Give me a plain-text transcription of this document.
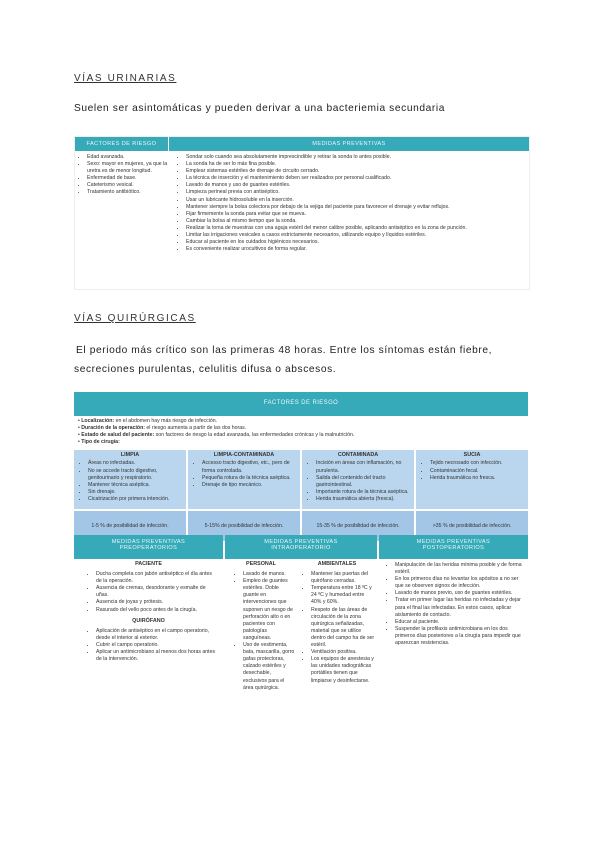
VÍAS URINARIAS
Suelen ser asintomáticas y pueden derivar a una bacteriemia secundaria
FACTORES DE RIESGO	MEDIDAS PREVENTIVAS
• Edad avanzada.
• Sexo: mayor en mujeres, ya que la uretra es de menor longitud.
• Enfermedad de base.
• Cateterismo vesical.
• Tratamiento antibiótico.
• Sondar solo cuando sea absolutamente imprescindible y retirar la sonda lo antes posible.
• La sonda ha de ser lo más fina posible.
• Emplear sistemas estériles de drenaje de circuito cerrado.
• La técnica de inserción y el mantenimiento deben ser realizados por personal cualificado.
• Lavado de manos y uso de guantes estériles.
• Limpieza perineal previa con antiséptico.
• Usar un lubricante hidrosoluble en la inserción.
• Mantener siempre la bolsa colectora por debajo de la vejiga del paciente para favorecer el drenaje y evitar reflujos.
• Fijar firmemente la sonda para evitar que se mueva.
• Cambiar la bolsa al mismo tiempo que la sonda.
• Realizar la toma de muestras con una aguja estéril del menor calibre posible, aplicando antiséptico en la zona de punción.
• Limitar las irrigaciones vesicales a casos estrictamente necesarios, utilizando equipo y líquidos estériles.
• Educar al paciente en los cuidados higiénicos necesarios.
• Es conveniente realizar urocultivos de forma regular.
VÍAS QUIRÚRGICAS
El periodo más crítico son las primeras 48 horas. Entre los síntomas están fiebre,
secreciones purulentas, celulitis difusa o abscesos.
FACTORES DE RIESGO
• Localización: en el abdomen hay más riesgo de infección.
• Duración de la operación: el riesgo aumenta a partir de las dos horas.
• Estado de salud del paciente: son factores de riesgo la edad avanzada, las enfermedades crónicas y la malnutrición.
• Tipo de cirugía:
LIMPIA
• Áreas no infectadas.
• No se accede tracto digestivo, genitourinario y respiratorio.
• Mantener técnica aséptica.
• Sin drenaje.
• Cicatrización por primera intención.
1-5 % de posibilidad de infección.
LIMPIA-CONTAMINADA
• Accesso tracto digestivo, etc., pero de forma controlada.
• Pequeña rotura de la técnica aséptica.
• Drenaje de tipo mecánico.
5-15% de posibilidad de infección.
CONTAMINADA
• Incisión en áreas con inflamación, no purulenta.
• Salida del contenido del tracto gastrointestinal.
• Importante rotura de la técnica aséptica.
• Herida traumática abierta (fresca).
15-35 % de posibilidad de infección.
SUCIA
• Tejido necrosado con infección.
• Contaminación fecal.
• Herida traumática no fresca.
>35 % de posibilidad de infección.
MEDIDAS PREVENTIVAS
PREOPERATORIOS
MEDIDAS PREVENTIVAS
INTRAOPERATORIO
MEDIDAS PREVENTIVAS
POSTOPERATORIOS
PACIENTE
• Ducha completa con jabón antiséptico el día antes de la operación.
• Ausencia de cremas, desodorante y esmalte de uñas.
• Ausencia de joyas y prótesis.
• Rasurado del vello poco antes de la cirugía.
QUIRÓFANO
• Aplicación de antiséptico en el campo operatorio, desde el interior al exterior.
• Cubrir el campo operatorio.
• Aplicar un antimicrobiano al menos dos horas antes de la intervención.
PERSONAL
• Lavado de manos.
• Empleo de guantes estériles. Doble guante en intervenciones que suponen un riesgo de perforación alto o en pacientes con patologías sanguíneas.
• Uso de vestimenta, bata, mascarilla, gorro gafas protectoras, calzado estériles y desechable, exclusivos para el área quirúrgica.
AMBIENTALES
• Mantener las puertas del quirófano cerradas.
• Temperatura entre 18 ºC y 24 ºC y humedad entre 40% y 60%.
• Respeto de las áreas de circulación de la zona quirúrgica señalizadas, material que se utilice dentro del campo ha de ser estéril.
• Ventilación positiva.
• Los equipos de anestesia y las unidades radiográficas portátiles tienen que limpiarse y desinfectarse.
• Manipulación de las heridas mínima posible y de forma estéril.
• En los primeros días no levantar los apósitos a no ser que se observen signos de infección.
• Lavado de manos previo, uso de guantes estériles.
• Tratar en primer lugar las heridas no infectadas y dejar para el final las infectadas. En estos casos, aplicar aislamiento de contacto.
• Educar al paciente.
• Suspender la profilaxis antimicrobiana en los dos primeros días posteriores a la cirugía para impedir que aparezcan resistencias.
